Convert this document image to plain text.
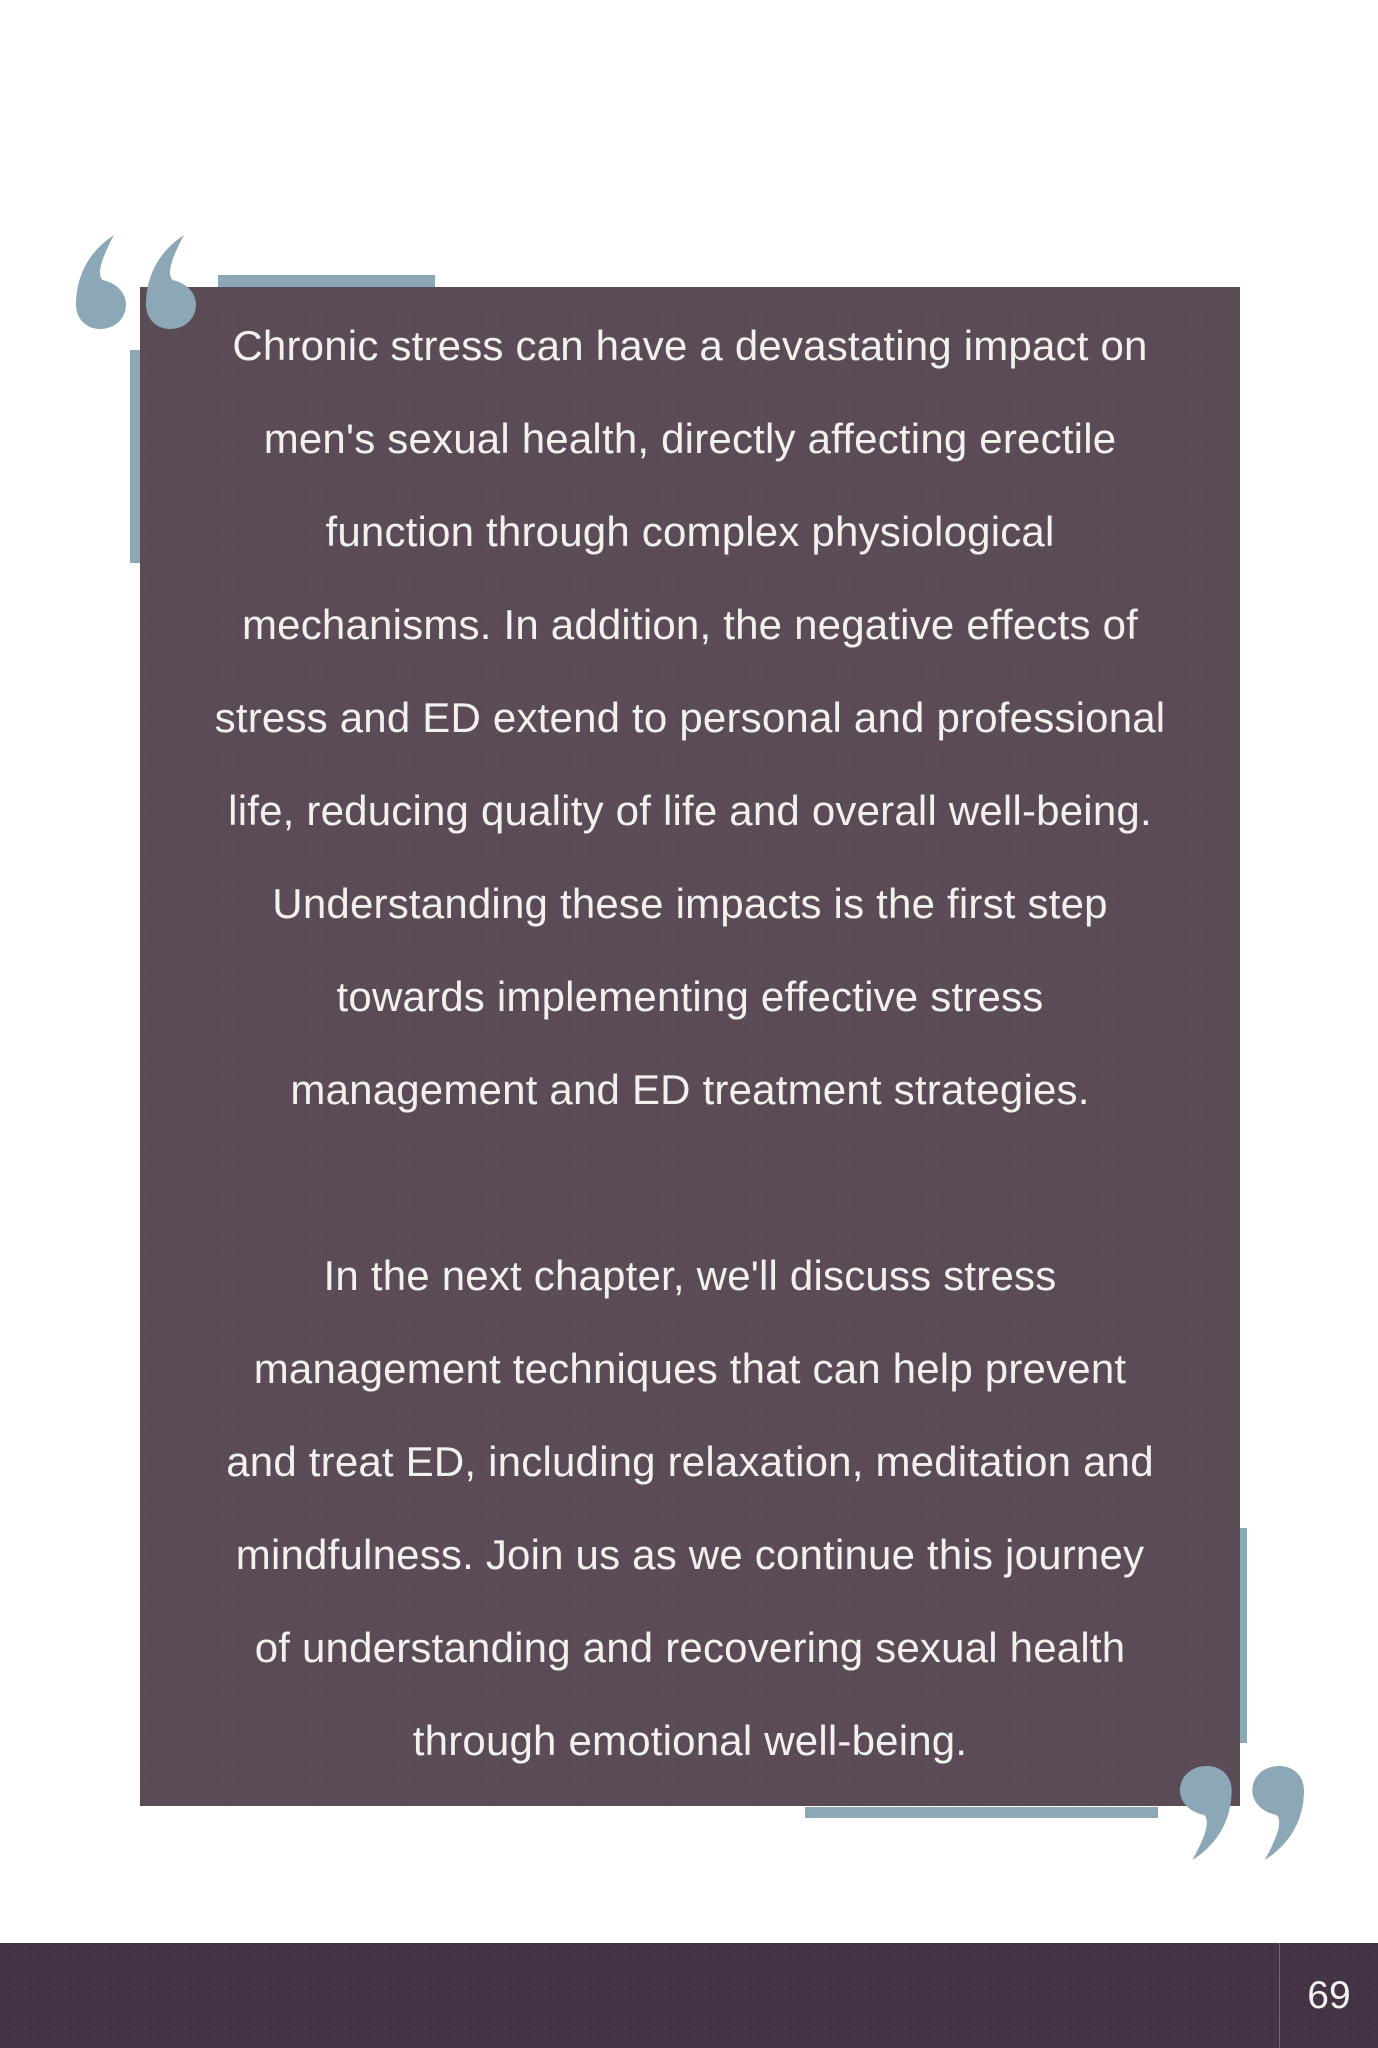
Chronic stress can have a devastating impact on
men's sexual health, directly affecting erectile
function through complex physiological
mechanisms. In addition, the negative effects of
stress and ED extend to personal and professional
life, reducing quality of life and overall well-being.
Understanding these impacts is the first step
towards implementing effective stress
management and ED treatment strategies.
In the next chapter, we'll discuss stress
management techniques that can help prevent
and treat ED, including relaxation, meditation and
mindfulness. Join us as we continue this journey
of understanding and recovering sexual health
through emotional well-being.
69
